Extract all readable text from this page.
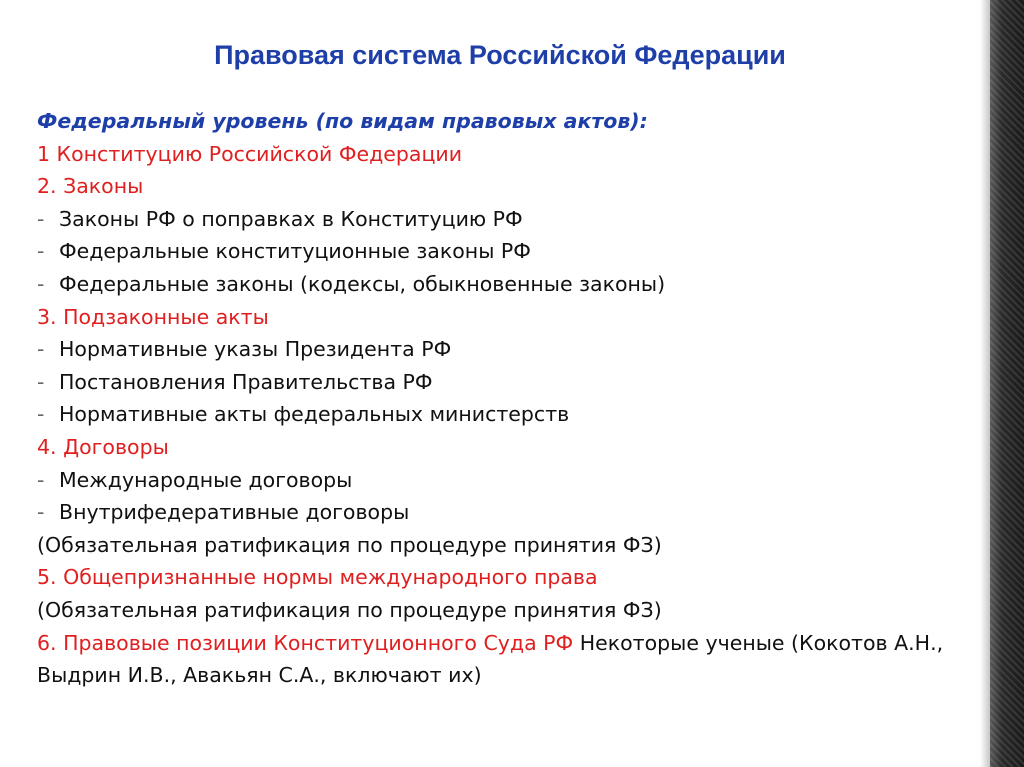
Правовая система Российской Федерации
Федеральный уровень (по видам правовых актов):
1 Конституцию Российской Федерации
2. Законы
- Законы РФ о поправках в Конституцию РФ
- Федеральные конституционные законы РФ
- Федеральные законы (кодексы, обыкновенные законы)
3. Подзаконные акты
- Нормативные указы Президента РФ
- Постановления Правительства РФ
- Нормативные акты федеральных министерств
4. Договоры
- Международные договоры
- Внутрифедеративные договоры
(Обязательная ратификация по процедуре принятия ФЗ)
5. Общепризнанные нормы международного права
(Обязательная ратификация по процедуре принятия ФЗ)
6. Правовые позиции Конституционного Суда РФ Некоторые ученые (Кокотов А.Н., Выдрин И.В., Авакьян С.А., включают их)
